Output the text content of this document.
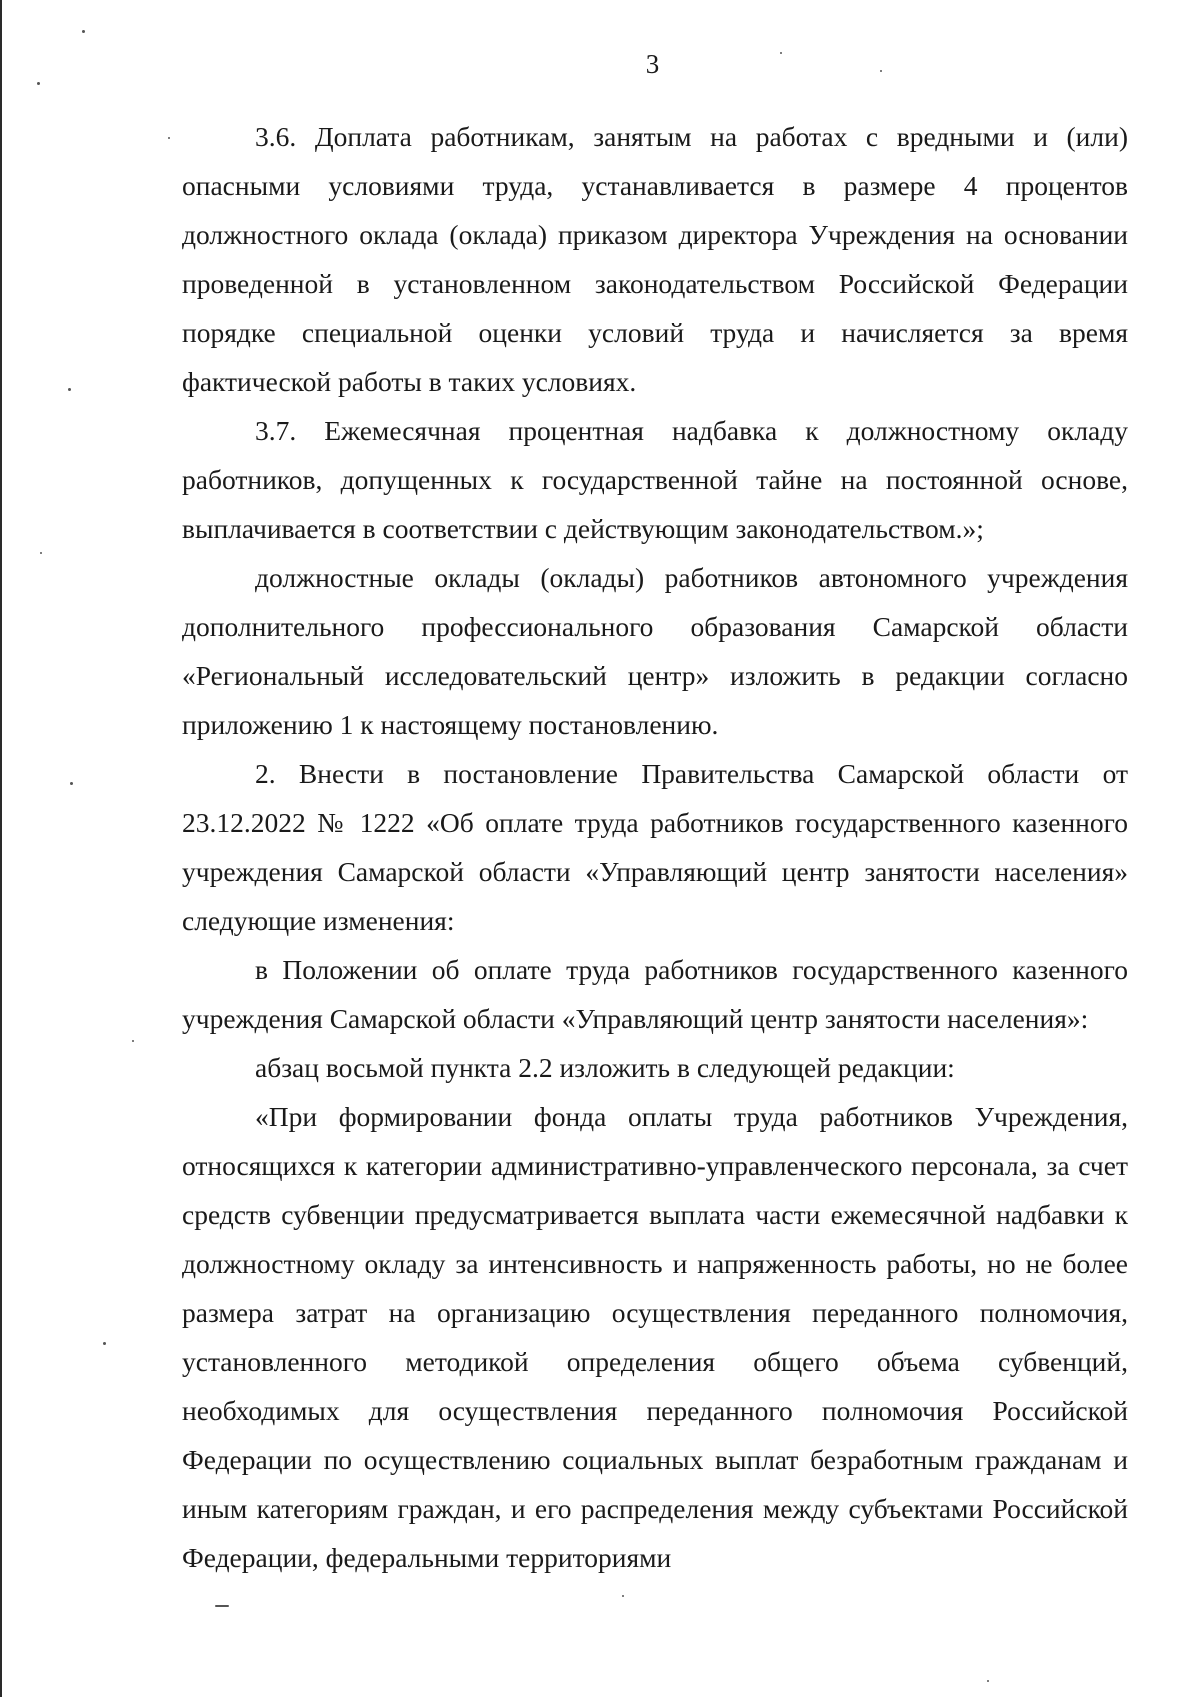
3

3.6. Доплата работникам, занятым на работах с вредными и (или) опасными условиями труда, устанавливается в размере 4 процентов должностного оклада (оклада) приказом директора Учреждения на основании проведенной в установленном законодательством Российской Федерации порядке специальной оценки условий труда и начисляется за время фактической работы в таких условиях.

3.7. Ежемесячная процентная надбавка к должностному окладу работников, допущенных к государственной тайне на постоянной основе, выплачивается в соответствии с действующим законодательством.»;

должностные оклады (оклады) работников автономного учреждения дополнительного профессионального образования Самарской области «Региональный исследовательский центр» изложить в редакции согласно приложению 1 к настоящему постановлению.

2. Внести в постановление Правительства Самарской области от 23.12.2022 № 1222 «Об оплате труда работников государственного казенного учреждения Самарской области «Управляющий центр занятости населения» следующие изменения:

в Положении об оплате труда работников государственного казенного учреждения Самарской области «Управляющий центр занятости населения»:

абзац восьмой пункта 2.2 изложить в следующей редакции:

«При формировании фонда оплаты труда работников Учреждения, относящихся к категории административно-управленческого персонала, за счет средств субвенции предусматривается выплата части ежемесячной надбавки к должностному окладу за интенсивность и напряженность работы, но не более размера затрат на организацию осуществления переданного полномочия, установленного методикой определения общего объема субвенций, необходимых для осуществления переданного полномочия Российской Федерации по осуществлению социальных выплат безработным гражданам и иным категориям граждан, и его распределения между субъектами Российской Федерации, федеральными территориями
